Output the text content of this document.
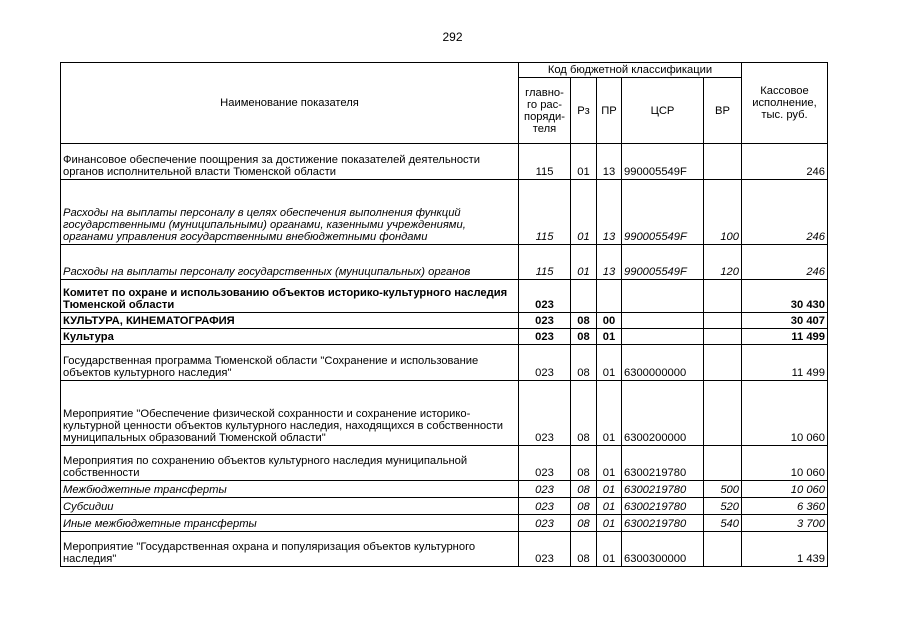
292
Наименование показателя	Код бюджетной классификации					Кассовое исполнение, тыс. руб.
	главно-го рас-поряди-теля	Рз	ПР	ЦСР	ВР	
Финансовое обеспечение поощрения за достижение показателей деятельности органов исполнительной власти Тюменской области	115	01	13	990005549F		246
Расходы на выплаты персоналу в целях обеспечения выполнения функций государственными (муниципальными) органами, казенными учреждениями, органами управления государственными внебюджетными фондами	115	01	13	990005549F	100	246
Расходы на выплаты персоналу государственных (муниципальных) органов	115	01	13	990005549F	120	246
Комитет по охране и использованию объектов историко-культурного наследия Тюменской области	023					30 430
КУЛЬТУРА, КИНЕМАТОГРАФИЯ	023	08	00			30 407
Культура	023	08	01			11 499
Государственная программа Тюменской области "Сохранение и использование объектов культурного наследия"	023	08	01	6300000000		11 499
Мероприятие "Обеспечение физической сохранности и сохранение историко-культурной ценности объектов культурного наследия, находящихся в собственности муниципальных образований Тюменской области"	023	08	01	6300200000		10 060
Мероприятия по сохранению объектов культурного наследия муниципальной собственности	023	08	01	6300219780		10 060
Межбюджетные трансферты	023	08	01	6300219780	500	10 060
Субсидии	023	08	01	6300219780	520	6 360
Иные межбюджетные трансферты	023	08	01	6300219780	540	3 700
Мероприятие "Государственная охрана и популяризация объектов культурного наследия"	023	08	01	6300300000		1 439
